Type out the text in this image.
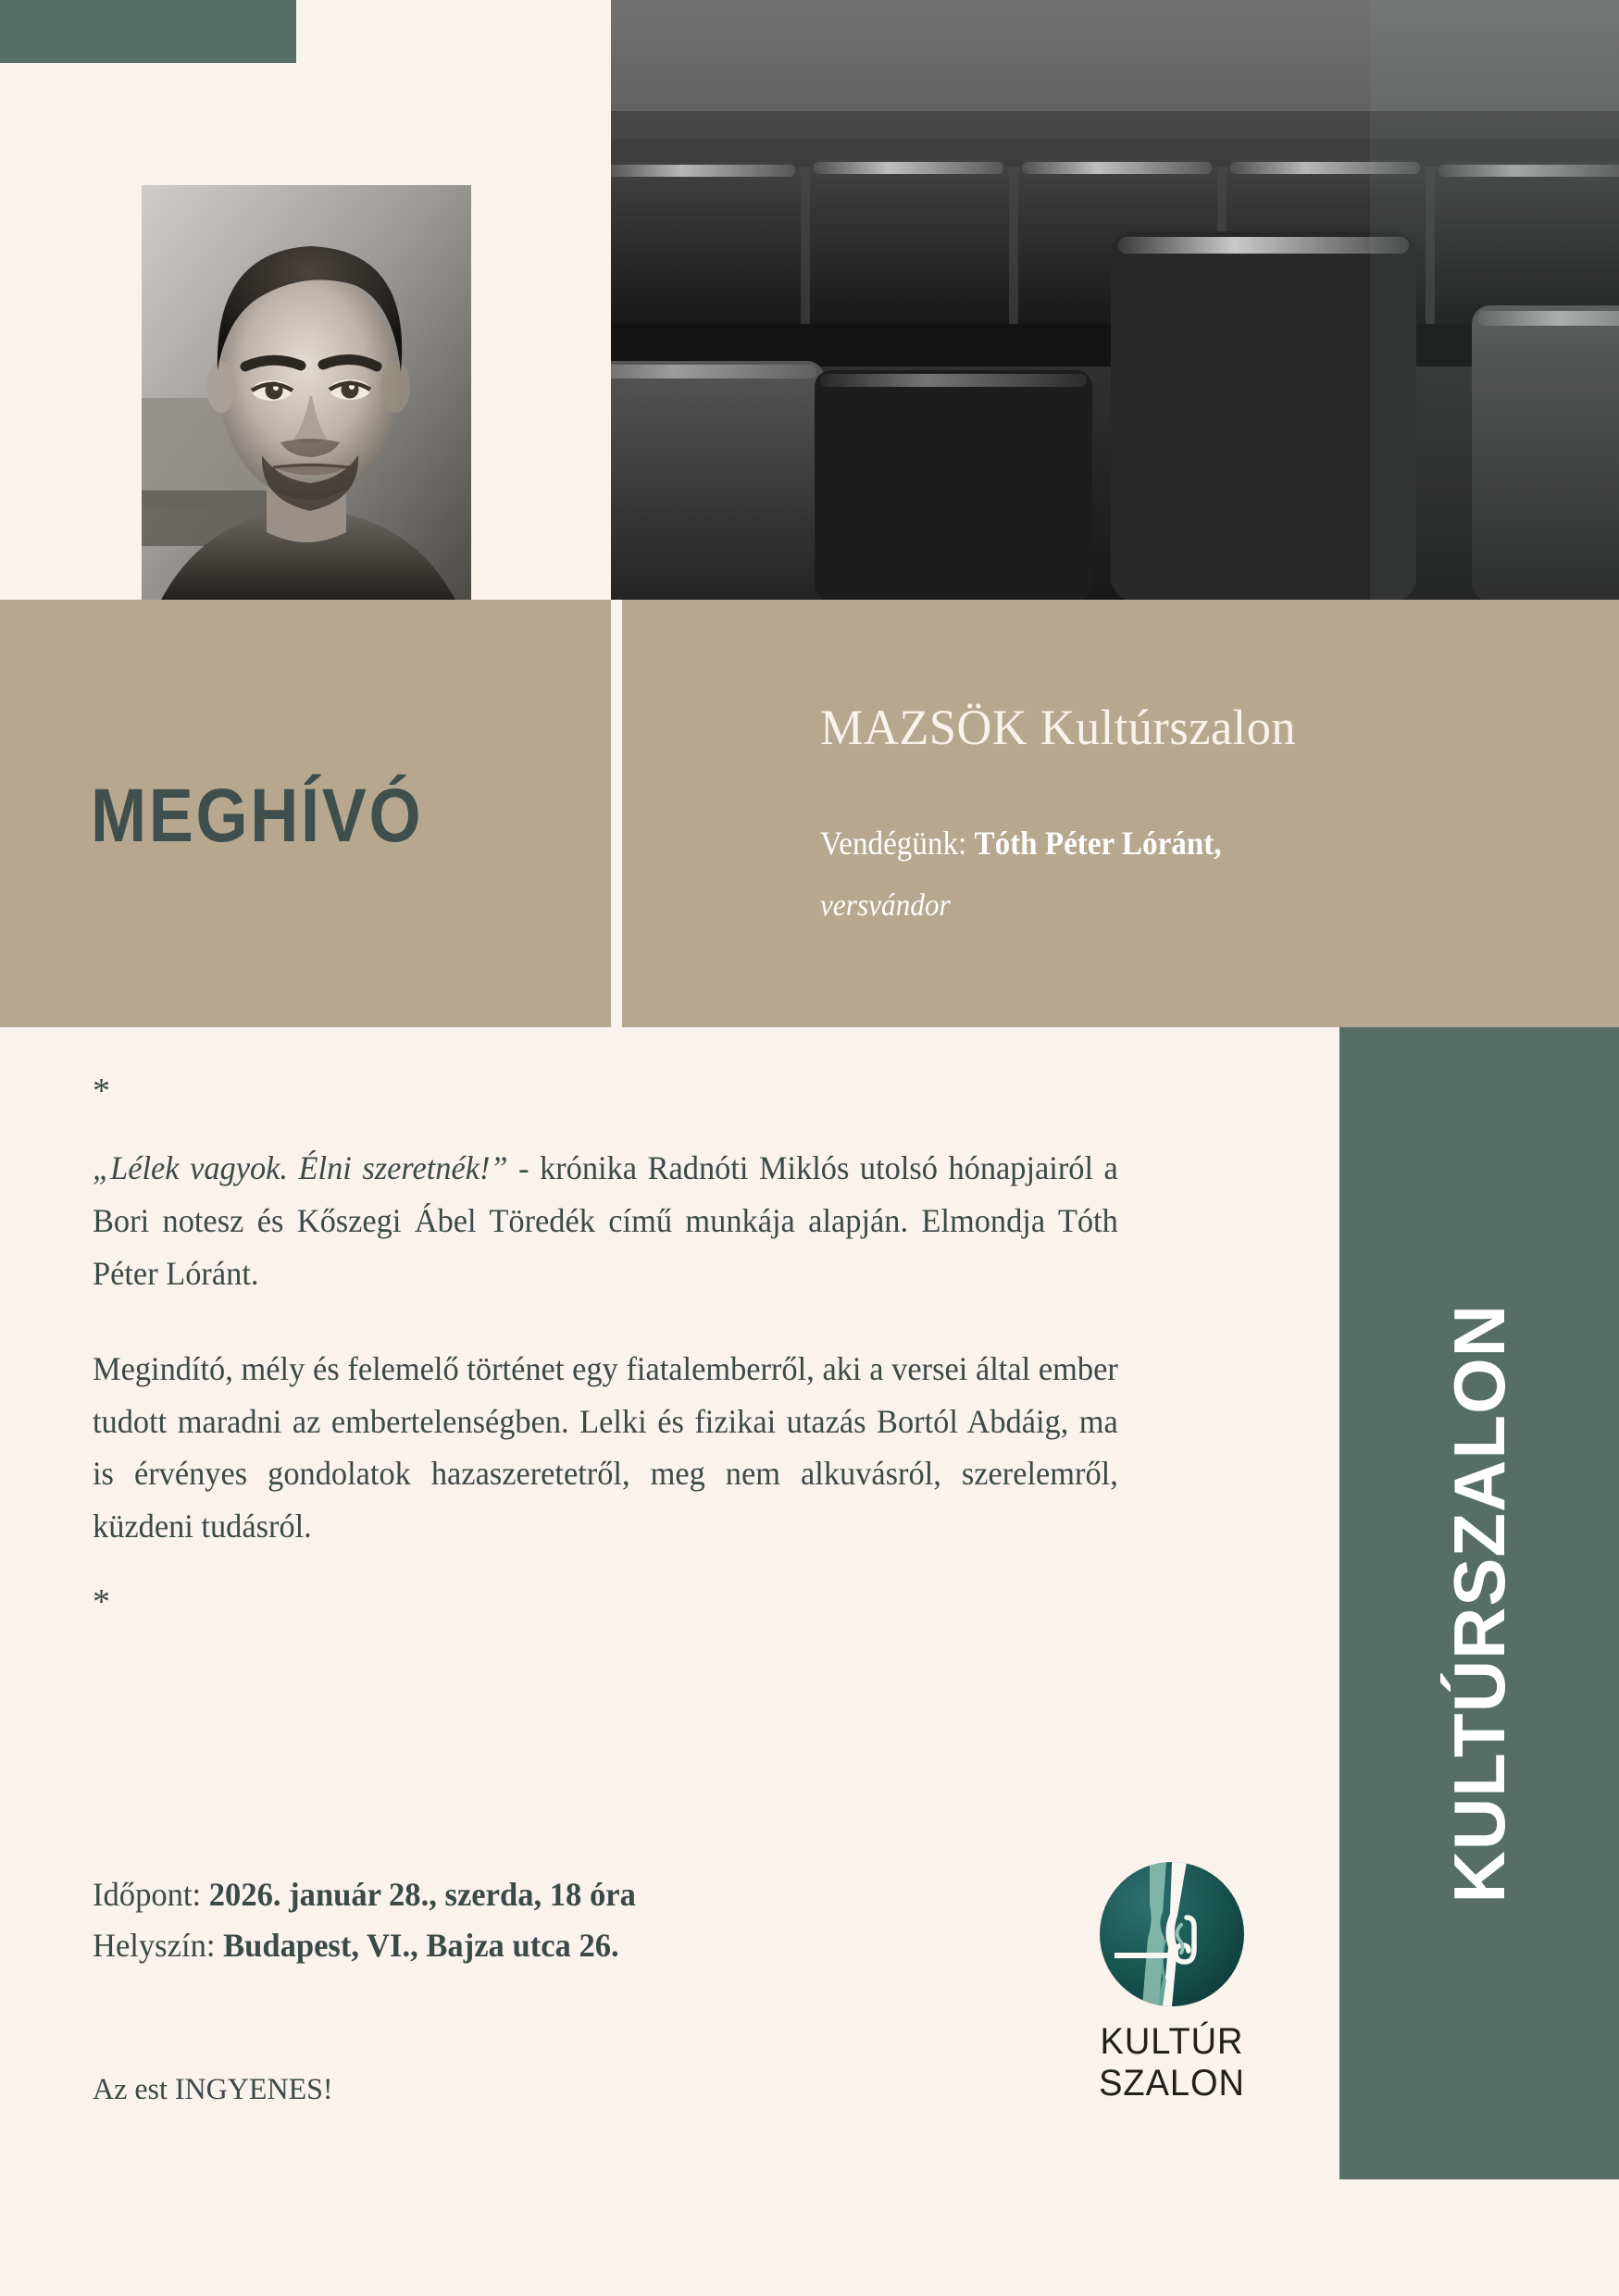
MEGHÍVÓ
MAZSÖK Kultúrszalon
Vendégünk: Tóth Péter Lóránt,
versvándor
KULTÚRSZALON
*

„Lélek vagyok. Élni szeretnék!” - krónika Radnóti Miklós utolsó hónapjairól a Bori notesz és Kőszegi Ábel Töredék című munkája alapján. Elmondja Tóth Péter Lóránt.

Megindító, mély és felemelő történet egy fiatalemberről, aki a versei által ember tudott maradni az embertelenségben. Lelki és fizikai utazás Bortól Abdáig, ma is érvényes gondolatok hazaszeretetről, meg nem alkuvásról, szerelemről, küzdeni tudásról.

*
Időpont: 2026. január 28., szerda, 18 óra
Helyszín: Budapest, VI., Bajza utca 26.
Az est INGYENES!
KULTÚR
SZALON
